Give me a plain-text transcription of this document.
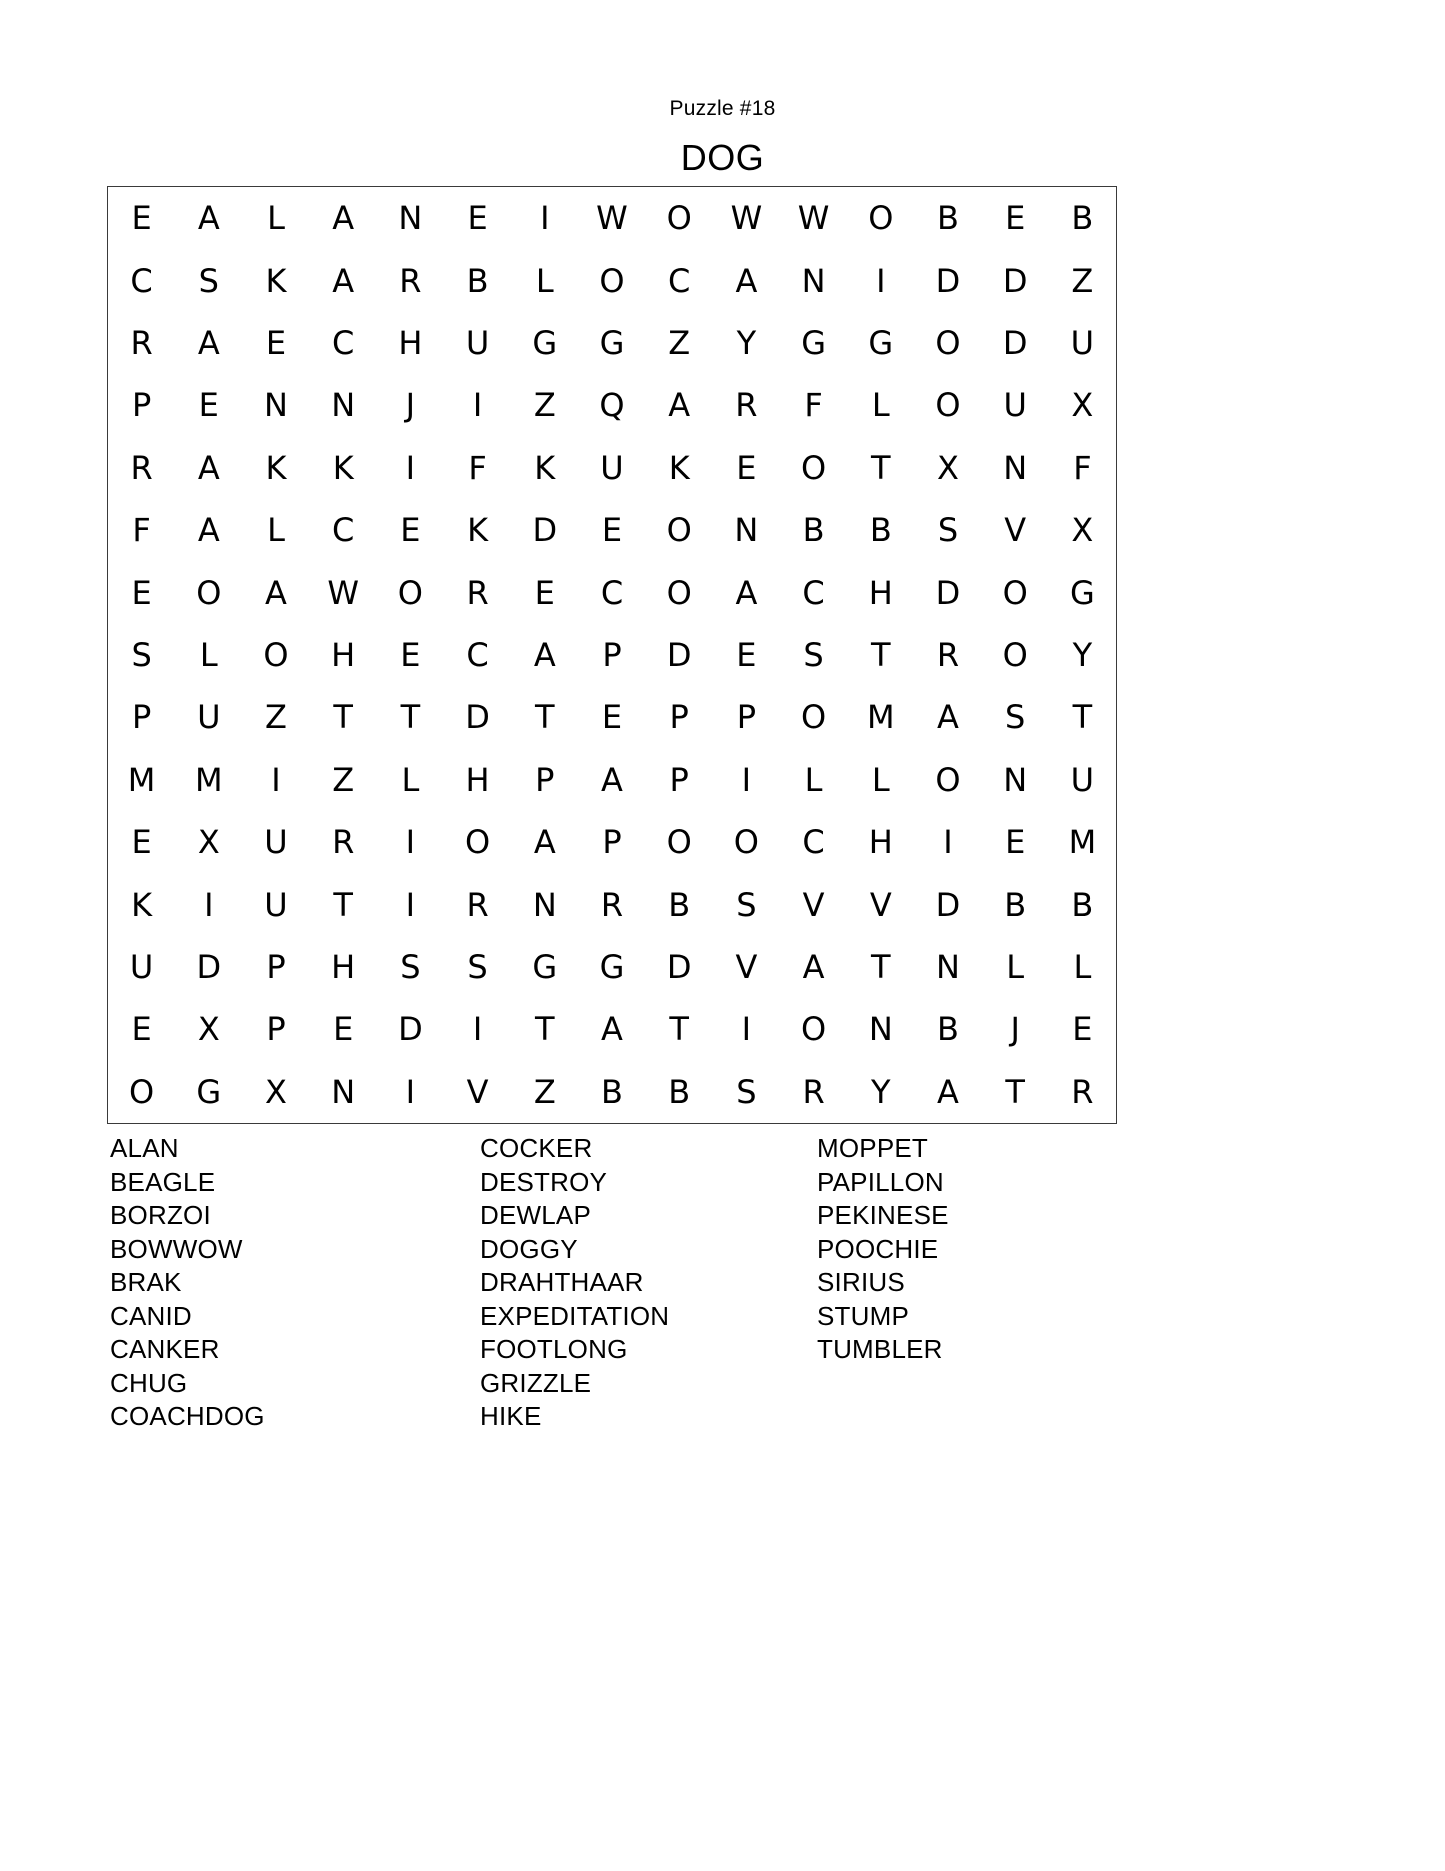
Puzzle #18
DOG
E	A	L	A	N	E	I	W	O	W	W	O	B	E	B
C	S	K	A	R	B	L	O	C	A	N	I	D	D	Z
R	A	E	C	H	U	G	G	Z	Y	G	G	O	D	U
P	E	N	N	J	I	Z	Q	A	R	F	L	O	U	X
R	A	K	K	I	F	K	U	K	E	O	T	X	N	F
F	A	L	C	E	K	D	E	O	N	B	B	S	V	X
E	O	A	W	O	R	E	C	O	A	C	H	D	O	G
S	L	O	H	E	C	A	P	D	E	S	T	R	O	Y
P	U	Z	T	T	D	T	E	P	P	O	M	A	S	T
M	M	I	Z	L	H	P	A	P	I	L	L	O	N	U
E	X	U	R	I	O	A	P	O	O	C	H	I	E	M
K	I	U	T	I	R	N	R	B	S	V	V	D	B	B
U	D	P	H	S	S	G	G	D	V	A	T	N	L	L
E	X	P	E	D	I	T	A	T	I	O	N	B	J	E
O	G	X	N	I	V	Z	B	B	S	R	Y	A	T	R
ALAN
BEAGLE
BORZOI
BOWWOW
BRAK
CANID
CANKER
CHUG
COACHDOG
COCKER
DESTROY
DEWLAP
DOGGY
DRAHTHAAR
EXPEDITATION
FOOTLONG
GRIZZLE
HIKE
MOPPET
PAPILLON
PEKINESE
POOCHIE
SIRIUS
STUMP
TUMBLER
